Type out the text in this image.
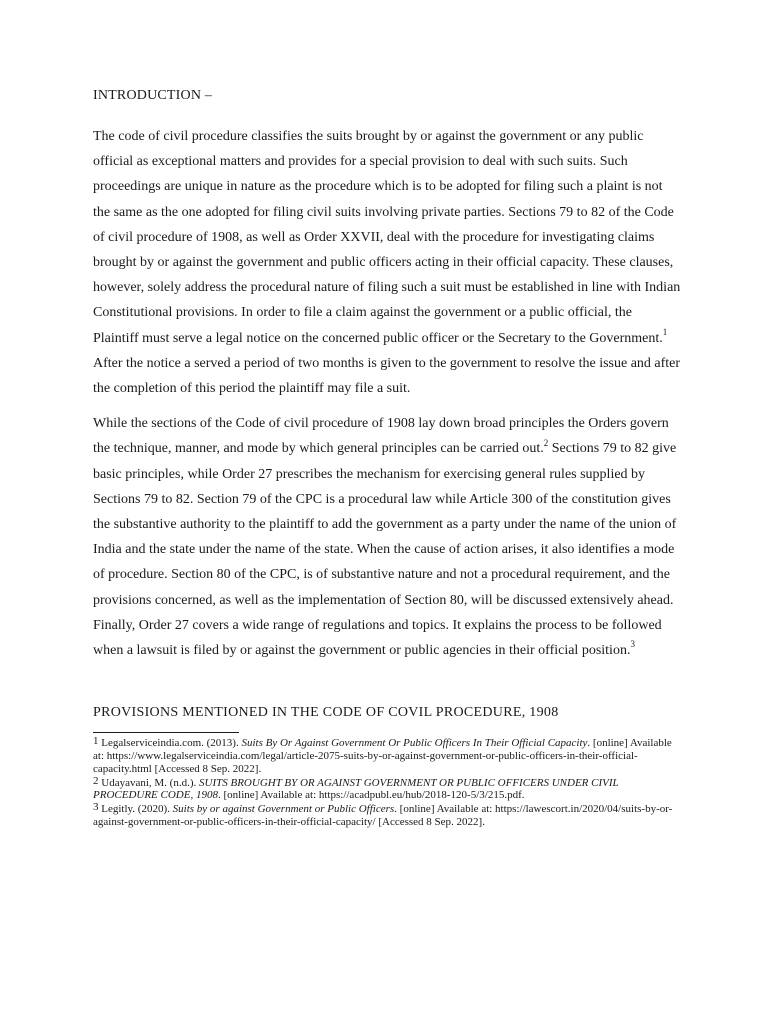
INTRODUCTION –

The code of civil procedure classifies the suits brought by or against the government or any public official as exceptional matters and provides for a special provision to deal with such suits. Such proceedings are unique in nature as the procedure which is to be adopted for filing such a plaint is not the same as the one adopted for filing civil suits involving private parties. Sections 79 to 82 of the Code of civil procedure of 1908, as well as Order XXVII, deal with the procedure for investigating claims brought by or against the government and public officers acting in their official capacity. These clauses, however, solely address the procedural nature of filing such a suit must be established in line with Indian Constitutional provisions. In order to file a claim against the government or a public official, the Plaintiff must serve a legal notice on the concerned public officer or the Secretary to the Government.$^1$ After the notice a served a period of two months is given to the government to resolve the issue and after the completion of this period the plaintiff may file a suit.

While the sections of the Code of civil procedure of 1908 lay down broad principles the Orders govern the technique, manner, and mode by which general principles can be carried out.$^2$ Sections 79 to 82 give basic principles, while Order 27 prescribes the mechanism for exercising general rules supplied by Sections 79 to 82. Section 79 of the CPC is a procedural law while Article 300 of the constitution gives the substantive authority to the plaintiff to add the government as a party under the name of the union of India and the state under the name of the state. When the cause of action arises, it also identifies a mode of procedure. Section 80 of the CPC, is of substantive nature and not a procedural requirement, and the provisions concerned, as well as the implementation of Section 80, will be discussed extensively ahead. Finally, Order 27 covers a wide range of regulations and topics. It explains the process to be followed when a lawsuit is filed by or against the government or public agencies in their official position.$^3$

PROVISIONS MENTIONED IN THE CODE OF COVIL PROCEDURE, 1908
1 Legalserviceindia.com. (2013). Suits By Or Against Government Or Public Officers In Their Official Capacity. [online] Available at: https://www.legalserviceindia.com/legal/article-2075-suits-by-or-against-government-or-public-officers-in-their-official-capacity.html [Accessed 8 Sep. 2022].
2 Udayavani, M. (n.d.). SUITS BROUGHT BY OR AGAINST GOVERNMENT OR PUBLIC OFFICERS UNDER CIVIL PROCEDURE CODE, 1908. [online] Available at: https://acadpubl.eu/hub/2018-120-5/3/215.pdf.
3 Legitly. (2020). Suits by or against Government or Public Officers. [online] Available at: https://lawescort.in/2020/04/suits-by-or-against-government-or-public-officers-in-their-official-capacity/ [Accessed 8 Sep. 2022].
